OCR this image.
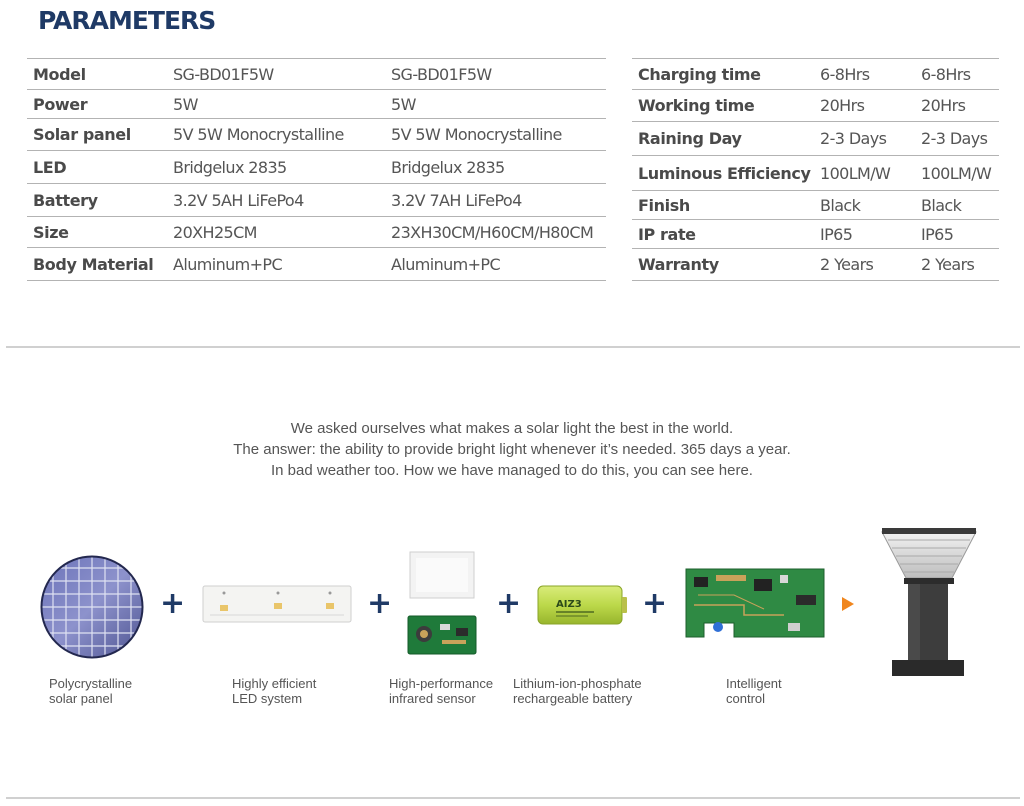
PARAMETERS
Model	SG-BD01F5W	SG-BD01F5W
Power	5W	5W
Solar panel	5V 5W Monocrystalline	5V 5W Monocrystalline
LED	Bridgelux 2835	Bridgelux 2835
Battery	3.2V 5AH LiFePo4	3.2V 7AH LiFePo4
Size	20XH25CM	23XH30CM/H60CM/H80CM
Body Material	Aluminum+PC	Aluminum+PC
Charging time	6-8Hrs	6-8Hrs
Working time	20Hrs	20Hrs
Raining Day	2-3 Days	2-3 Days
Luminous Efficiency	100LM/W	100LM/W
Finish	Black	Black
IP rate	IP65	IP65
Warranty	2 Years	2 Years
We asked ourselves what makes a solar light the best in the world.
The answer: the ability to provide bright light whenever it’s needed. 365 days a year.
In bad weather too. How we have managed to do this, you can see here.
+	+	+	AIZ3 +
Polycrystalline
solar panel
Highly efficient
LED system
High-performance
infrared sensor
Lithium-ion-phosphate
rechargeable battery
Intelligent
control
